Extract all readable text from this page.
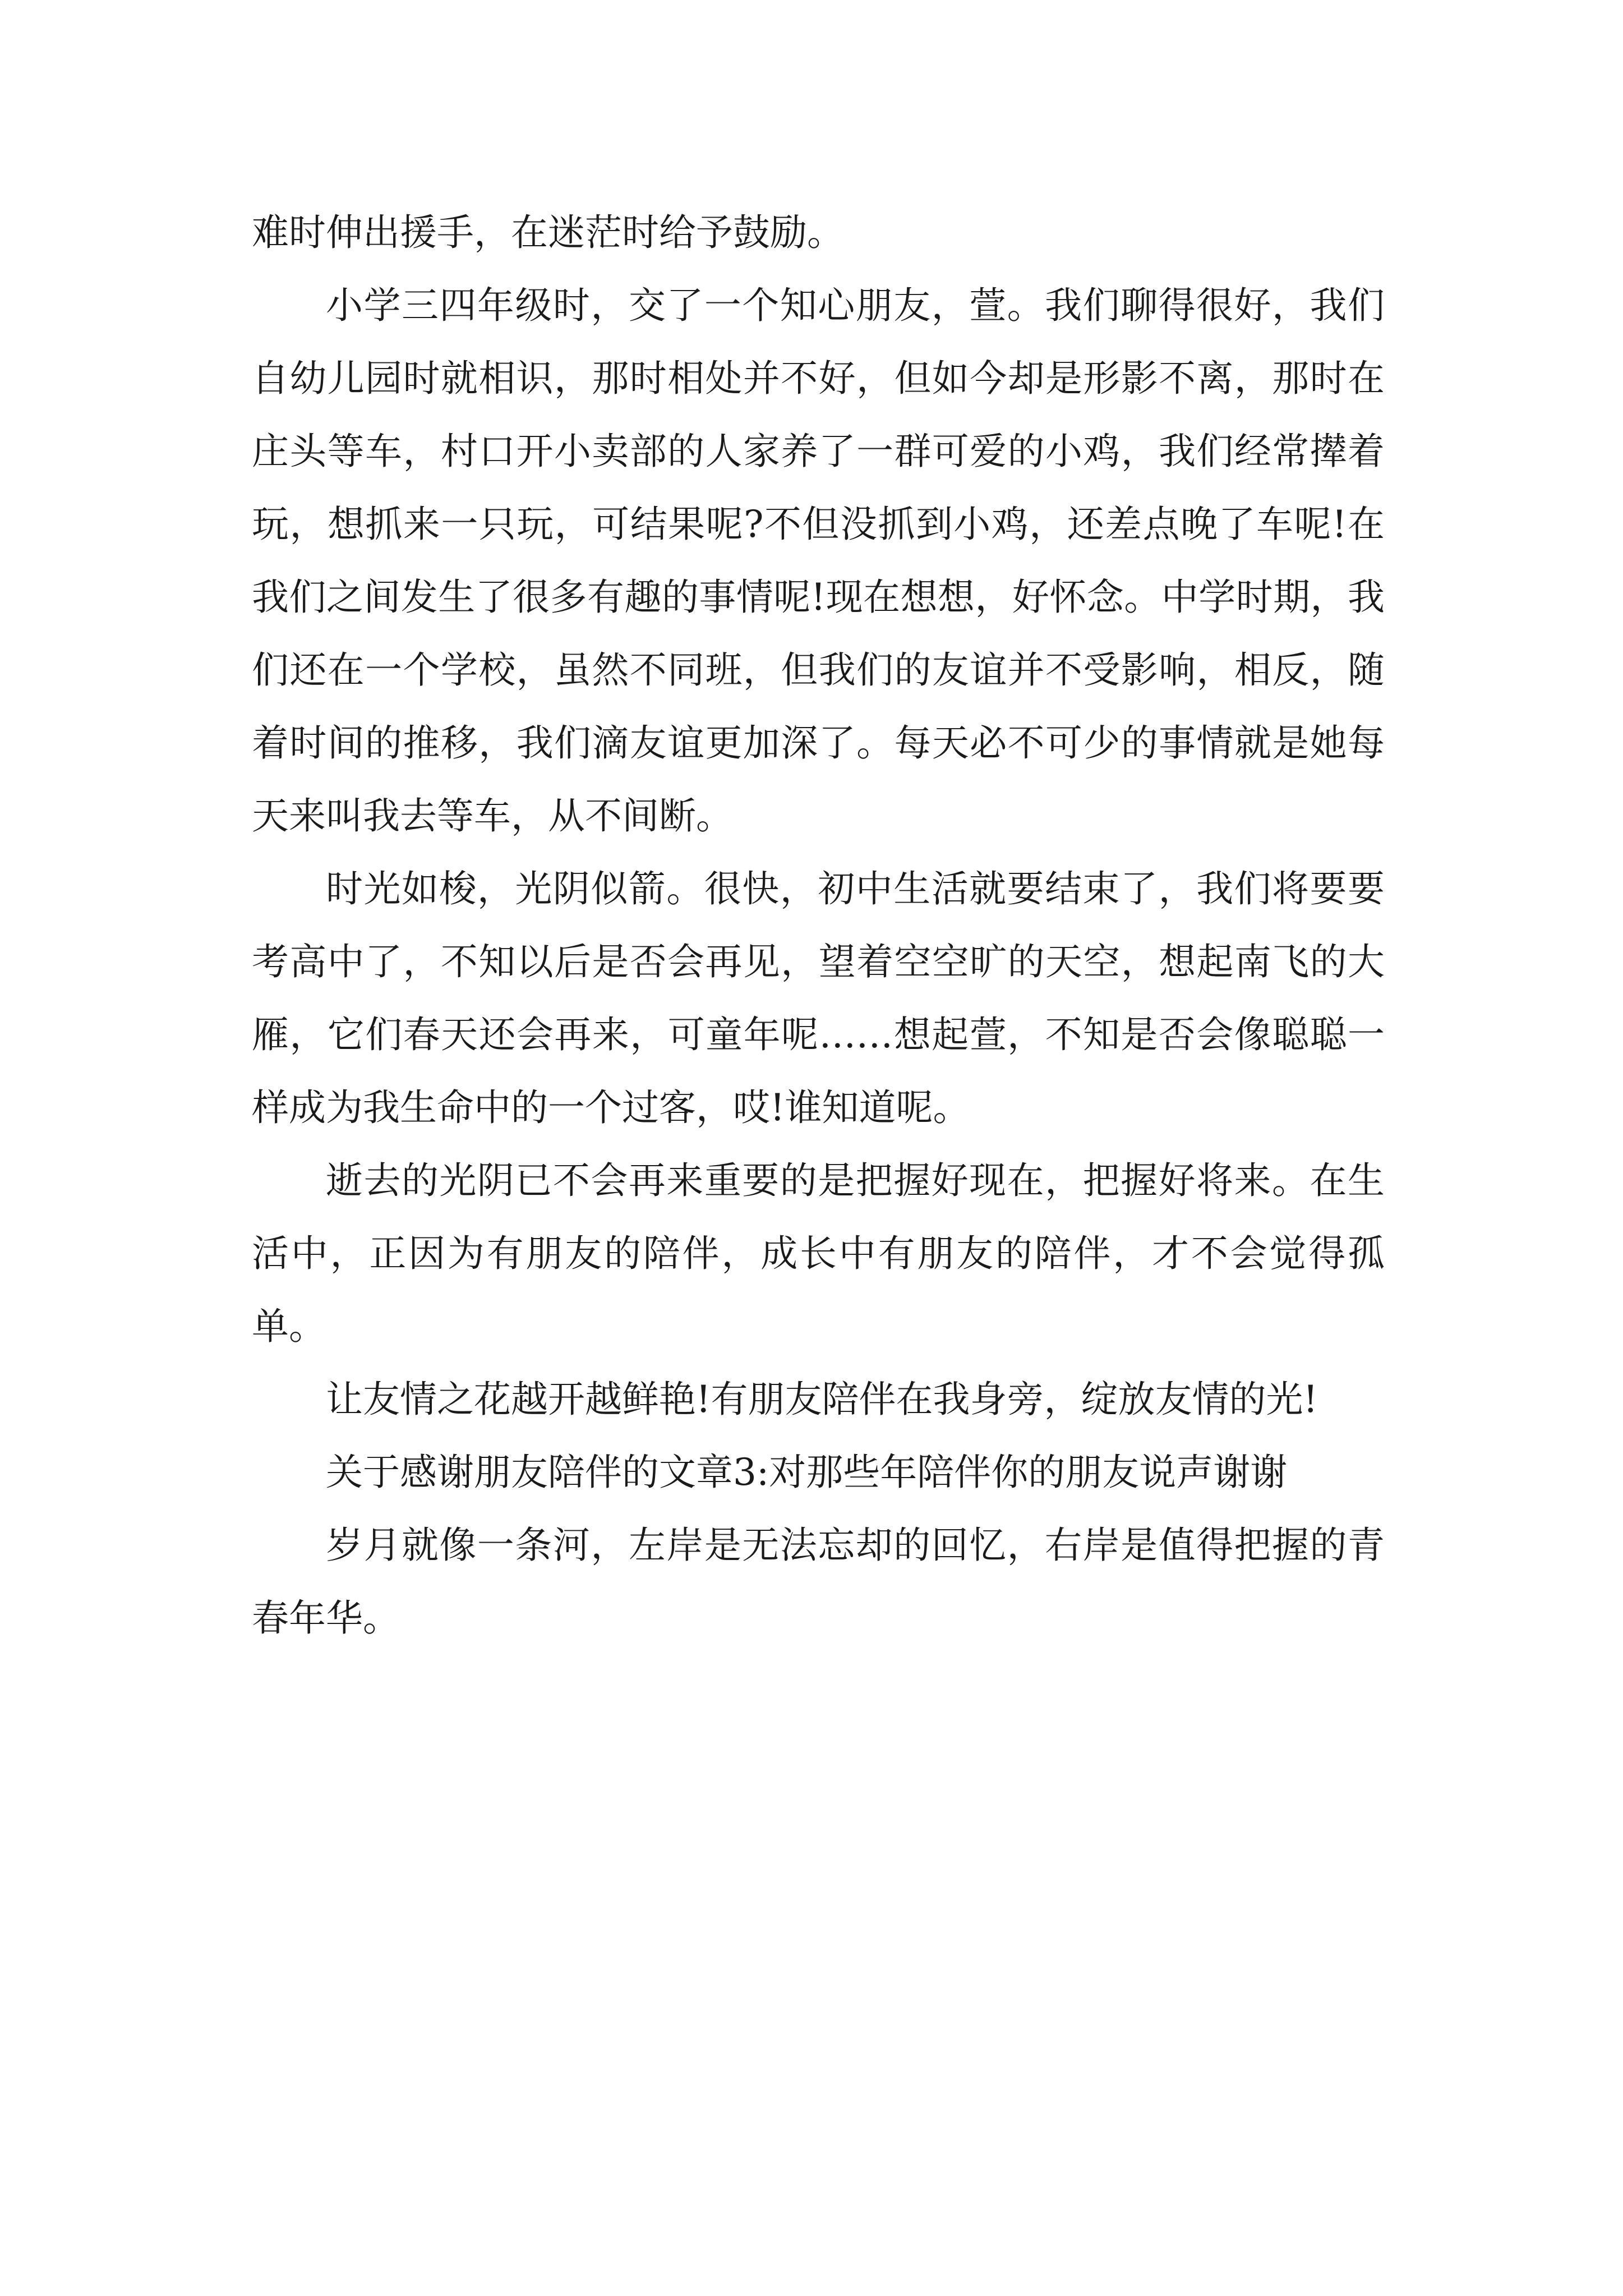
难时伸出援手，在迷茫时给予鼓励。

小学三四年级时，交了一个知心朋友，萱。我们聊得很好，我们自幼儿园时就相识，那时相处并不好，但如今却是形影不离，那时在庄头等车，村口开小卖部的人家养了一群可爱的小鸡，我们经常撵着玩，想抓来一只玩，可结果呢?不但没抓到小鸡，还差点晚了车呢!在我们之间发生了很多有趣的事情呢!现在想想，好怀念。中学时期，我们还在一个学校，虽然不同班，但我们的友谊并不受影响，相反，随着时间的推移，我们滴友谊更加深了。每天必不可少的事情就是她每天来叫我去等车，从不间断。

时光如梭，光阴似箭。很快，初中生活就要结束了，我们将要要考高中了，不知以后是否会再见，望着空空旷的天空，想起南飞的大雁，它们春天还会再来，可童年呢……想起萱，不知是否会像聪聪一样成为我生命中的一个过客，哎!谁知道呢。

逝去的光阴已不会再来重要的是把握好现在，把握好将来。在生活中，正因为有朋友的陪伴，成长中有朋友的陪伴，才不会觉得孤单。

让友情之花越开越鲜艳!有朋友陪伴在我身旁，绽放友情的光!

关于感谢朋友陪伴的文章3:对那些年陪伴你的朋友说声谢谢

岁月就像一条河，左岸是无法忘却的回忆，右岸是值得把握的青春年华。
